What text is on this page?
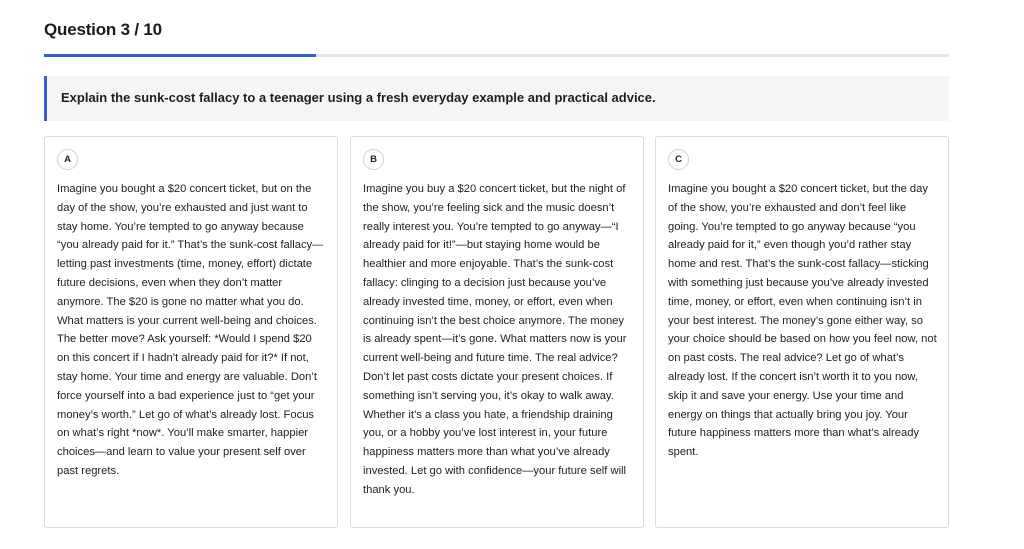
Question 3 / 10
Explain the sunk-cost fallacy to a teenager using a fresh everyday example and practical advice.
A
Imagine you bought a $20 concert ticket, but on the day of the show, you’re exhausted and just want to stay home. You’re tempted to go anyway because “you already paid for it.” That’s the sunk-cost fallacy—letting past investments (time, money, effort) dictate future decisions, even when they don’t matter anymore. The $20 is gone no matter what you do. What matters is your current well-being and choices. The better move? Ask yourself: *Would I spend $20 on this concert if I hadn’t already paid for it?* If not, stay home. Your time and energy are valuable. Don’t force yourself into a bad experience just to “get your money’s worth.” Let go of what’s already lost. Focus on what’s right *now*. You’ll make smarter, happier choices—and learn to value your present self over past regrets.
B
Imagine you buy a $20 concert ticket, but the night of the show, you’re feeling sick and the music doesn’t really interest you. You’re tempted to go anyway—“I already paid for it!”—but staying home would be healthier and more enjoyable. That’s the sunk-cost fallacy: clinging to a decision just because you’ve already invested time, money, or effort, even when continuing isn’t the best choice anymore. The money is already spent—it’s gone. What matters now is your current well-being and future time. The real advice? Don’t let past costs dictate your present choices. If something isn’t serving you, it’s okay to walk away. Whether it’s a class you hate, a friendship draining you, or a hobby you’ve lost interest in, your future happiness matters more than what you’ve already invested. Let go with confidence—your future self will thank you.
C
Imagine you bought a $20 concert ticket, but the day of the show, you’re exhausted and don’t feel like going. You’re tempted to go anyway because “you already paid for it,” even though you’d rather stay home and rest. That’s the sunk-cost fallacy—sticking with something just because you’ve already invested time, money, or effort, even when continuing isn’t in your best interest. The money’s gone either way, so your choice should be based on how you feel now, not on past costs. The real advice? Let go of what’s already lost. If the concert isn’t worth it to you now, skip it and save your energy. Use your time and energy on things that actually bring you joy. Your future happiness matters more than what’s already spent.
